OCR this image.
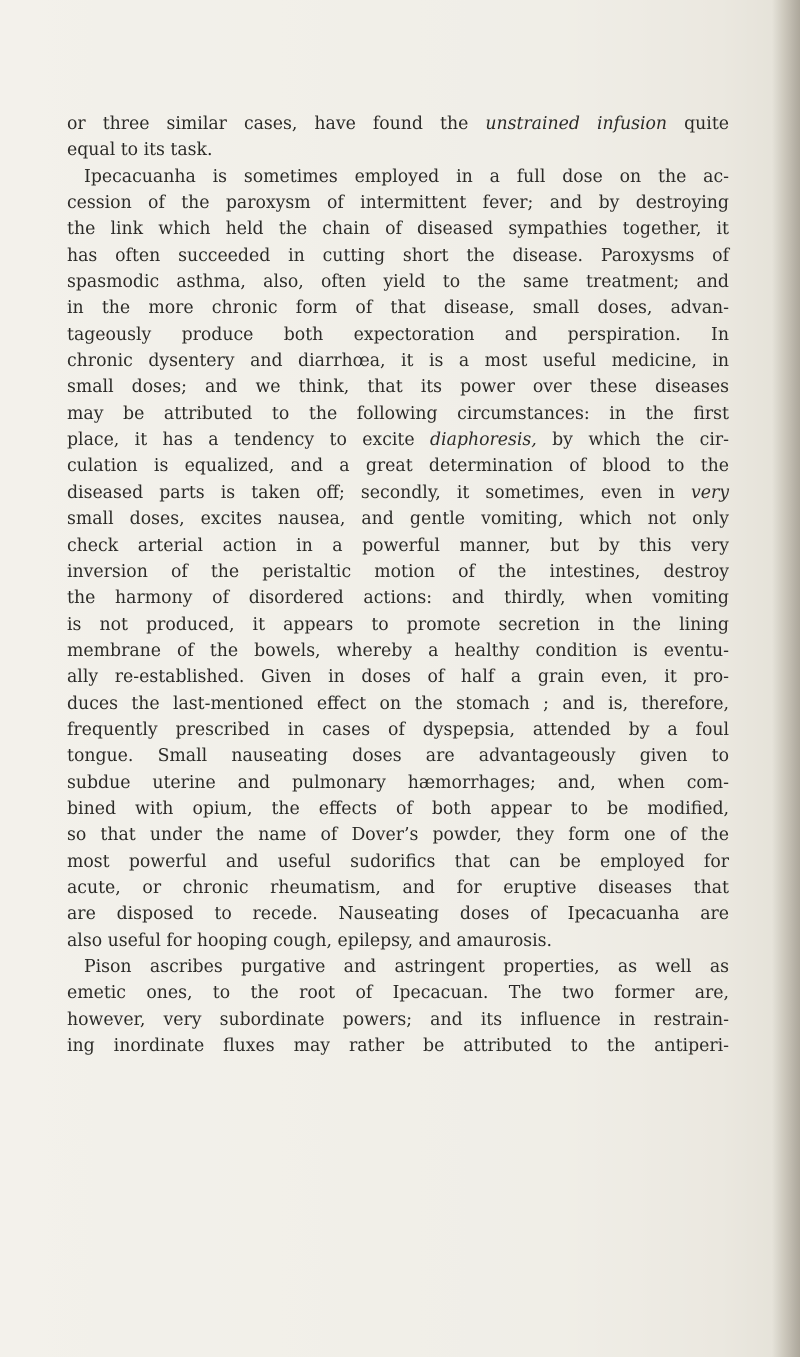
or three similar cases, have found the unstrained infusion quite
equal to its task.
Ipecacuanha is sometimes employed in a full dose on the ac-
cession of the paroxysm of intermittent fever; and by destroying
the link which held the chain of diseased sympathies together, it
has often succeeded in cutting short the disease. Paroxysms of
spasmodic asthma, also, often yield to the same treatment; and
in the more chronic form of that disease, small doses, advan-
tageously produce both expectoration and perspiration. In
chronic dysentery and diarrhœa, it is a most useful medicine, in
small doses; and we think, that its power over these diseases
may be attributed to the following circumstances: in the first
place, it has a tendency to excite diaphoresis, by which the cir-
culation is equalized, and a great determination of blood to the
diseased parts is taken off; secondly, it sometimes, even in very
small doses, excites nausea, and gentle vomiting, which not only
check arterial action in a powerful manner, but by this very
inversion of the peristaltic motion of the intestines, destroy
the harmony of disordered actions: and thirdly, when vomiting
is not produced, it appears to promote secretion in the lining
membrane of the bowels, whereby a healthy condition is eventu-
ally re-established. Given in doses of half a grain even, it pro-
duces the last-mentioned effect on the stomach ; and is, therefore,
frequently prescribed in cases of dyspepsia, attended by a foul
tongue. Small nauseating doses are advantageously given to
subdue uterine and pulmonary hæmorrhages; and, when com-
bined with opium, the effects of both appear to be modified,
so that under the name of Dover’s powder, they form one of the
most powerful and useful sudorifics that can be employed for
acute, or chronic rheumatism, and for eruptive diseases that
are disposed to recede. Nauseating doses of Ipecacuanha are
also useful for hooping cough, epilepsy, and amaurosis.
Pison ascribes purgative and astringent properties, as well as
emetic ones, to the root of Ipecacuan. The two former are,
however, very subordinate powers; and its influence in restrain-
ing inordinate fluxes may rather be attributed to the antiperi-
